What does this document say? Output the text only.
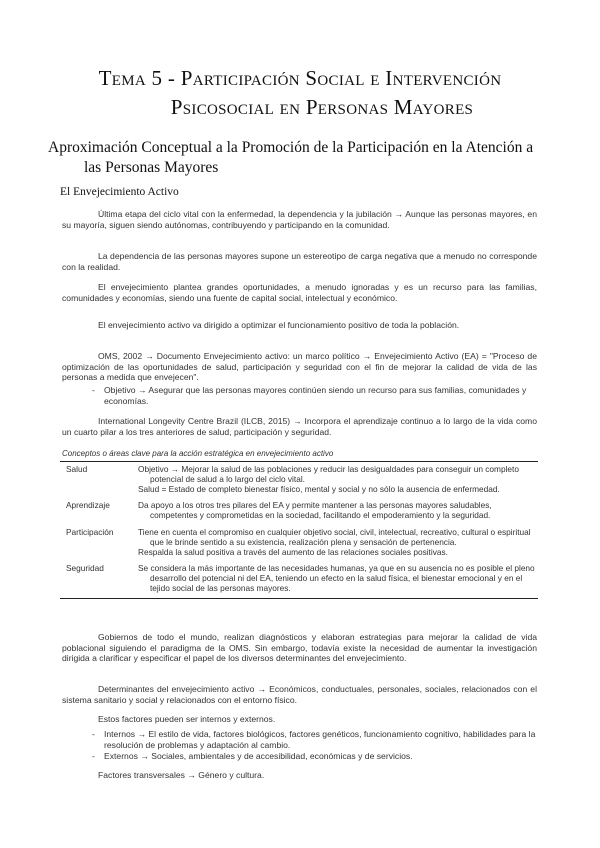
Tema 5 - Participación Social e Intervención
Psicosocial en Personas Mayores
Aproximación Conceptual a la Promoción de la Participación en la Atención a
las Personas Mayores
El Envejecimiento Activo

Última etapa del ciclo vital con la enfermedad, la dependencia y la jubilación → Aunque las personas mayores, en su mayoría, siguen siendo autónomas, contribuyendo y participando en la comunidad.

La dependencia de las personas mayores supone un estereotipo de carga negativa que a menudo no corresponde con la realidad.

El envejecimiento plantea grandes oportunidades, a menudo ignoradas y es un recurso para las familias, comunidades y economías, siendo una fuente de capital social, intelectual y económico.

El envejecimiento activo va dirigido a optimizar el funcionamiento positivo de toda la población.

OMS, 2002 → Documento Envejecimiento activo: un marco político → Envejecimiento Activo (EA) = "Proceso de optimización de las oportunidades de salud, participación y seguridad con el fin de mejorar la calidad de vida de las personas a medida que envejecen".

- Objetivo → Asegurar que las personas mayores continúen siendo un recurso para sus familias, comunidades y economías.

International Longevity Centre Brazil (ILCB, 2015) → Incorpora el aprendizaje continuo a lo largo de la vida como un cuarto pilar a los tres anteriores de salud, participación y seguridad.

Conceptos o áreas clave para la acción estratégica en envejecimiento activo

Salud	Objetivo → Mejorar la salud de las poblaciones y reducir las desigualdades para conseguir un completo potencial de salud a lo largo del ciclo vital.
Salud = Estado de completo bienestar físico, mental y social y no sólo la ausencia de enfermedad.

Aprendizaje	Da apoyo a los otros tres pilares del EA y permite mantener a las personas mayores saludables, competentes y comprometidas en la sociedad, facilitando el empoderamiento y la seguridad.

Participación	Tiene en cuenta el compromiso en cualquier objetivo social, civil, intelectual, recreativo, cultural o espiritual que le brinde sentido a su existencia, realización plena y sensación de pertenencia.
Respalda la salud positiva a través del aumento de las relaciones sociales positivas.

Seguridad	Se considera la más importante de las necesidades humanas, ya que en su ausencia no es posible el pleno desarrollo del potencial ni del EA, teniendo un efecto en la salud física, el bienestar emocional y en el tejido social de las personas mayores.

Gobiernos de todo el mundo, realizan diagnósticos y elaboran estrategias para mejorar la calidad de vida poblacional siguiendo el paradigma de la OMS. Sin embargo, todavía existe la necesidad de aumentar la investigación dirigida a clarificar y especificar el papel de los diversos determinantes del envejecimiento.

Determinantes del envejecimiento activo → Económicos, conductuales, personales, sociales, relacionados con el sistema sanitario y social y relacionados con el entorno físico.

Estos factores pueden ser internos y externos.

- Internos → El estilo de vida, factores biológicos, factores genéticos, funcionamiento cognitivo, habilidades para la resolución de problemas y adaptación al cambio.

- Externos → Sociales, ambientales y de accesibilidad, económicas y de servicios.

Factores transversales → Género y cultura.
